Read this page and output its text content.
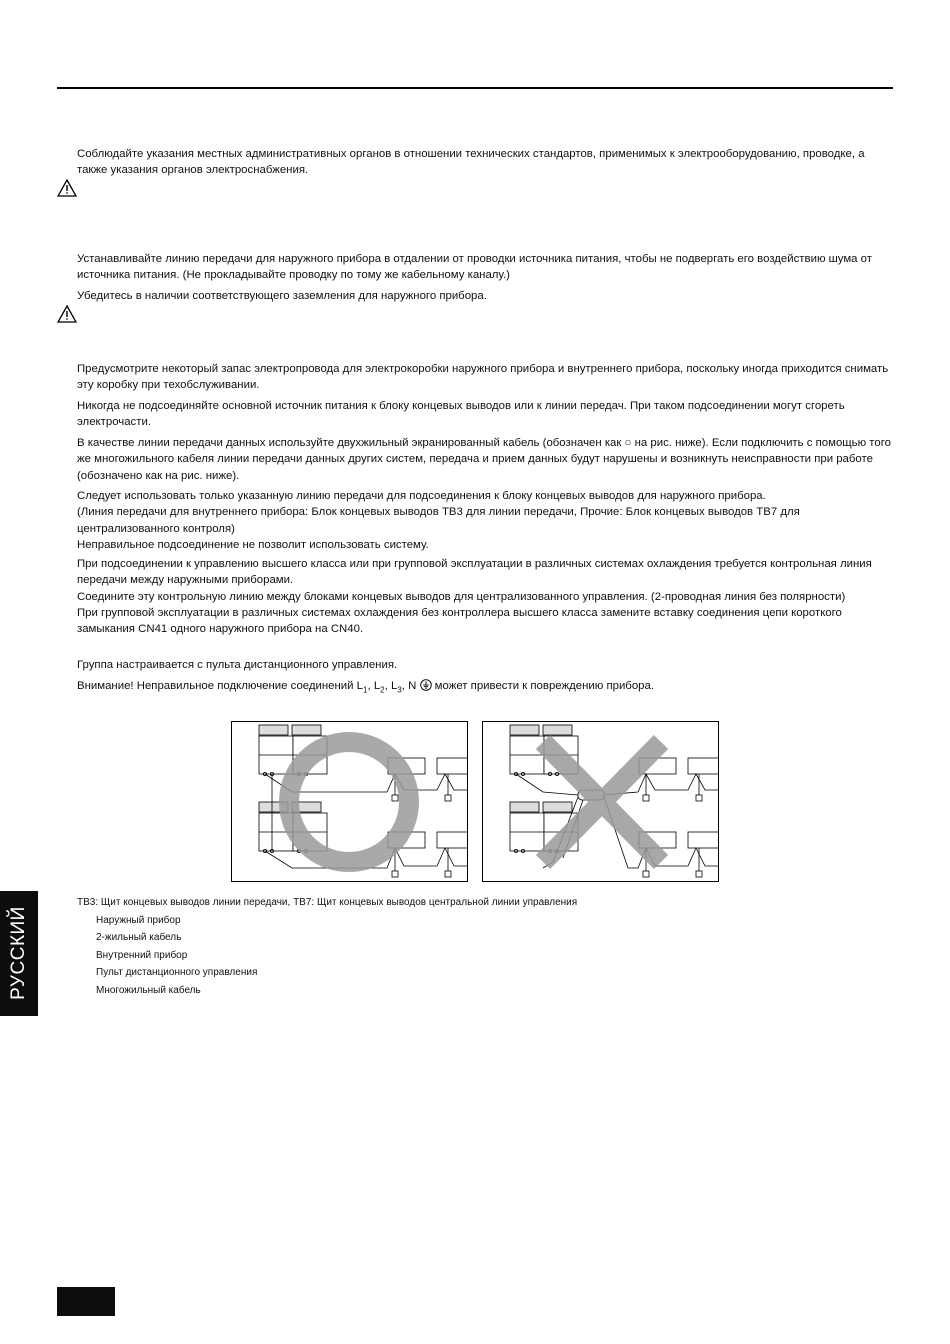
Соблюдайте указания местных административных органов в отношении технических стандартов, применимых к электрооборудованию, проводке, а также указания органов электроснабжения.

Устанавливайте линию передачи для наружного прибора в отдалении от проводки источника питания, чтобы не подвергать его воздействию шума от источника питания. (Не прокладывайте проводку по тому же кабельному каналу.)

Убедитесь в наличии соответствующего заземления для наружного прибора.

Предусмотрите некоторый запас электропровода для электрокоробки наружного прибора и внутреннего прибора, поскольку иногда приходится снимать эту коробку при техобслуживании.

Никогда не подсоединяйте основной источник питания к блоку концевых выводов или к линии передач. При таком подсоединении могут сгореть электрочасти.

В качестве линии передачи данных используйте двухжильный экранированный кабель (обозначен как ○ на рис. ниже). Если подключить с помощью того же многожильного кабеля линии передачи данных других систем, передача и прием данных будут нарушены и возникнуть неисправности при работе (обозначено как на рис. ниже).

Следует использовать только указанную линию передачи для подсоединения к блоку концевых выводов для наружного прибора.
(Линия передачи для внутреннего прибора: Блок концевых выводов TB3 для линии передачи, Прочие: Блок концевых выводов TB7 для централизованного контроля)
Неправильное подсоединение не позволит использовать систему.

При подсоединении к управлению высшего класса или при групповой эксплуатации в различных системах охлаждения требуется контрольная линия передачи между наружными приборами.
Соедините эту контрольную линию между блоками концевых выводов для централизованного управления. (2-проводная линия без полярности)
При групповой эксплуатации в различных системах охлаждения без контроллера высшего класса замените вставку соединения цепи короткого замыкания CN41 одного наружного прибора на CN40.

Группа настраивается с пульта дистанционного управления.

Внимание! Неправильное подключение соединений $L_1$, $L_2$, $L_3$, N  может привести к повреждению прибора.

TB3: Щит концевых выводов линии передачи, TB7: Щит концевых выводов центральной линии управления
Наружный прибор
2-жильный кабель
Внутренний прибор
Пульт дистанционного управления
Многожильный кабель
РУССКИЙ
